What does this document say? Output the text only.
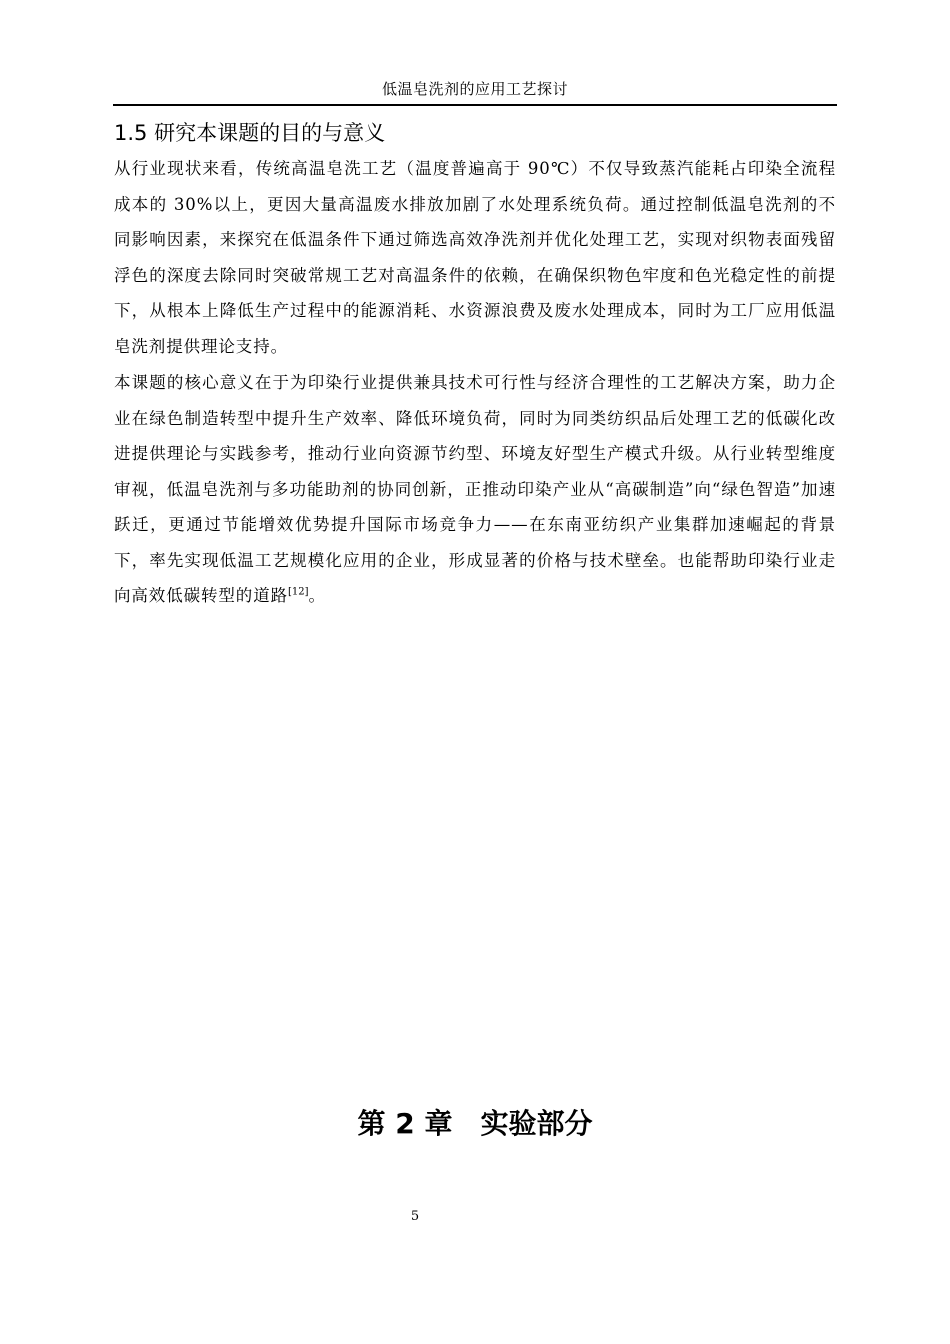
低温皂洗剂的应用工艺探讨
1.5 研究本课题的目的与意义

从行业现状来看，传统高温皂洗工艺（温度普遍高于 90℃）不仅导致蒸汽能耗占印染全流程成本的 30%以上，更因大量高温废水排放加剧了水处理系统负荷。通过控制低温皂洗剂的不同影响因素，来探究在低温条件下通过筛选高效净洗剂并优化处理工艺，实现对织物表面残留浮色的深度去除同时突破常规工艺对高温条件的依赖，在确保织物色牢度和色光稳定性的前提下，从根本上降低生产过程中的能源消耗、水资源浪费及废水处理成本，同时为工厂应用低温皂洗剂提供理论支持。

本课题的核心意义在于为印染行业提供兼具技术可行性与经济合理性的工艺解决方案，助力企业在绿色制造转型中提升生产效率、降低环境负荷，同时为同类纺织品后处理工艺的低碳化改进提供理论与实践参考，推动行业向资源节约型、环境友好型生产模式升级。从行业转型维度审视，低温皂洗剂与多功能助剂的协同创新，正推动印染产业从“高碳制造”向“绿色智造”加速跃迁，更通过节能增效优势提升国际市场竞争力——在东南亚纺织产业集群加速崛起的背景下，率先实现低温工艺规模化应用的企业，形成显著的价格与技术壁垒。也能帮助印染行业走向高效低碳转型的道路[12]。

第 2 章 实验部分
5
